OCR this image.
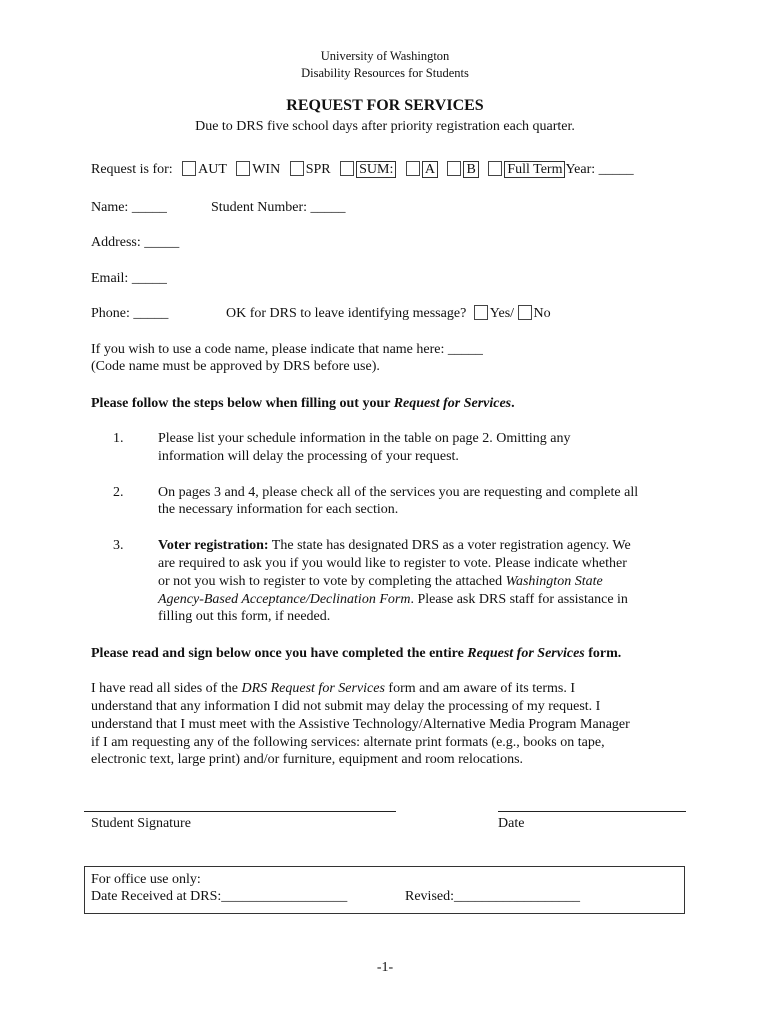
University of Washington
Disability Resources for Students
REQUEST FOR SERVICES
Due to DRS five school days after priority registration each quarter.
Request is for: AUT WIN SPR SUM: A B Full Term Year: _____
Name: _____	Student Number: _____
Address: _____
Email: _____
Phone: _____	OK for DRS to leave identifying message? Yes/ No
If you wish to use a code name, please indicate that name here: _____
(Code name must be approved by DRS before use).
Please follow the steps below when filling out your Request for Services.
1. Please list your schedule information in the table on page 2. Omitting any
information will delay the processing of your request.
2. On pages 3 and 4, please check all of the services you are requesting and complete all
the necessary information for each section.
3. Voter registration: The state has designated DRS as a voter registration agency. We
are required to ask you if you would like to register to vote. Please indicate whether
or not you wish to register to vote by completing the attached Washington State
Agency-Based Acceptance/Declination Form. Please ask DRS staff for assistance in
filling out this form, if needed.
Please read and sign below once you have completed the entire Request for Services form.
I have read all sides of the DRS Request for Services form and am aware of its terms. I
understand that any information I did not submit may delay the processing of my request. I
understand that I must meet with the Assistive Technology/Alternative Media Program Manager
if I am requesting any of the following services: alternate print formats (e.g., books on tape,
electronic text, large print) and/or furniture, equipment and room relocations.
Student Signature	Date
For office use only:
Date Received at DRS:__________________	Revised:__________________
-1-
